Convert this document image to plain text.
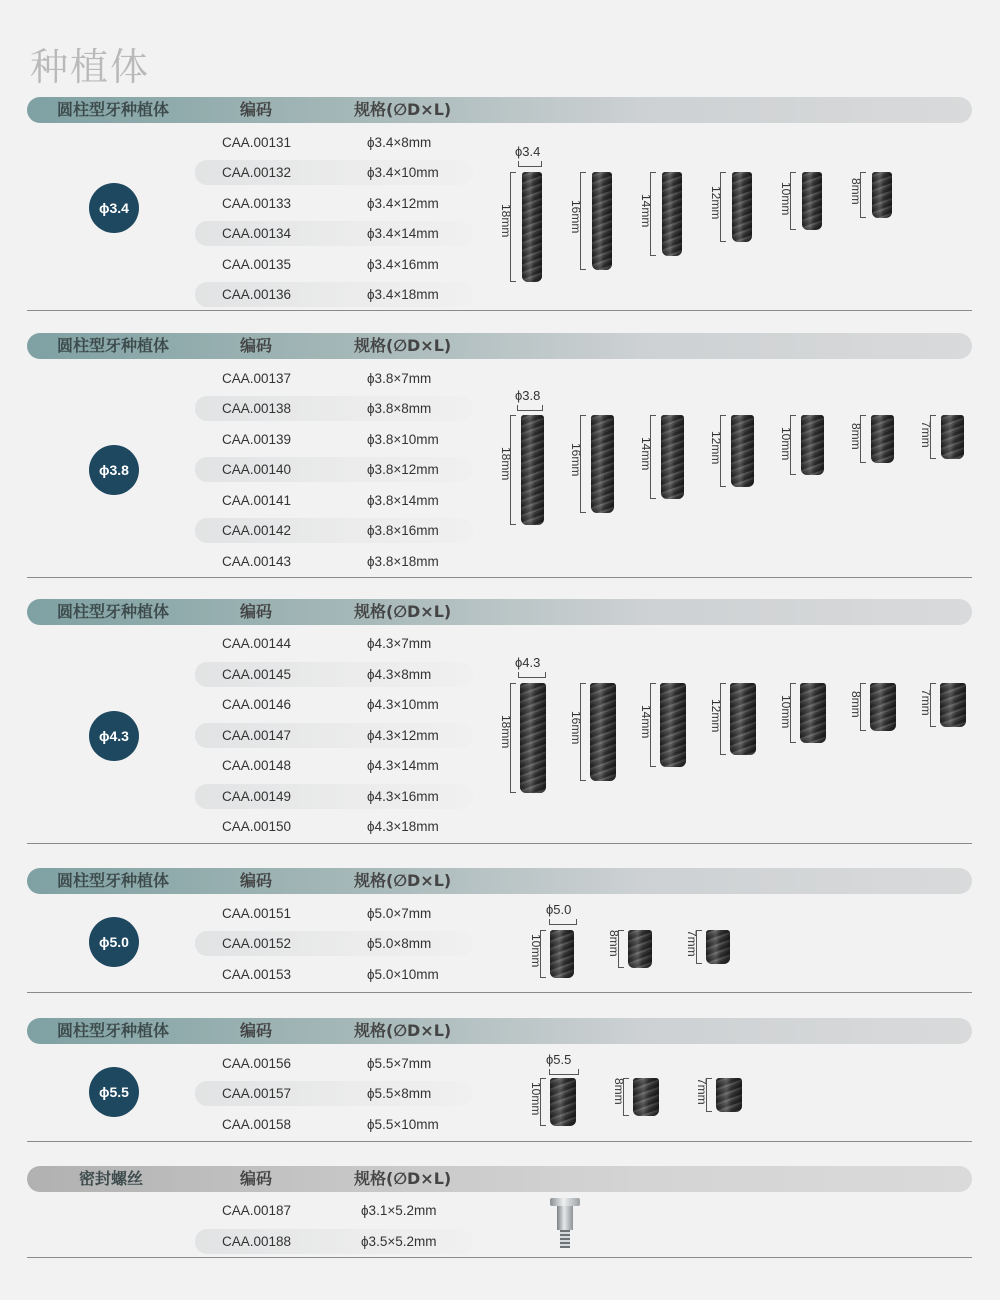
种植体
圆柱型牙种植体	编码	规格(∅D×L)
ϕ3.4
CAA.00131	ϕ3.4×8mm
CAA.00132	ϕ3.4×10mm
CAA.00133	ϕ3.4×12mm
CAA.00134	ϕ3.4×14mm
CAA.00135	ϕ3.4×16mm
CAA.00136	ϕ3.4×18mm
ϕ3.4
18mm	16mm	14mm	12mm	10mm	8mm
圆柱型牙种植体	编码	规格(∅D×L)
ϕ3.8
CAA.00137	ϕ3.8×7mm
CAA.00138	ϕ3.8×8mm
CAA.00139	ϕ3.8×10mm
CAA.00140	ϕ3.8×12mm
CAA.00141	ϕ3.8×14mm
CAA.00142	ϕ3.8×16mm
CAA.00143	ϕ3.8×18mm
ϕ3.8
18mm	16mm	14mm	12mm	10mm	8mm	7mm
圆柱型牙种植体	编码	规格(∅D×L)
ϕ4.3
CAA.00144	ϕ4.3×7mm
CAA.00145	ϕ4.3×8mm
CAA.00146	ϕ4.3×10mm
CAA.00147	ϕ4.3×12mm
CAA.00148	ϕ4.3×14mm
CAA.00149	ϕ4.3×16mm
CAA.00150	ϕ4.3×18mm
ϕ4.3
18mm	16mm	14mm	12mm	10mm	8mm	7mm
圆柱型牙种植体	编码	规格(∅D×L)
ϕ5.0
CAA.00151	ϕ5.0×7mm
CAA.00152	ϕ5.0×8mm
CAA.00153	ϕ5.0×10mm
ϕ5.0
10mm	8mm	7mm
圆柱型牙种植体	编码	规格(∅D×L)
ϕ5.5
CAA.00156	ϕ5.5×7mm
CAA.00157	ϕ5.5×8mm
CAA.00158	ϕ5.5×10mm
ϕ5.5
10mm	8mm	7mm
密封螺丝	编码	规格(∅D×L)
CAA.00187	ϕ3.1×5.2mm
CAA.00188	ϕ3.5×5.2mm
